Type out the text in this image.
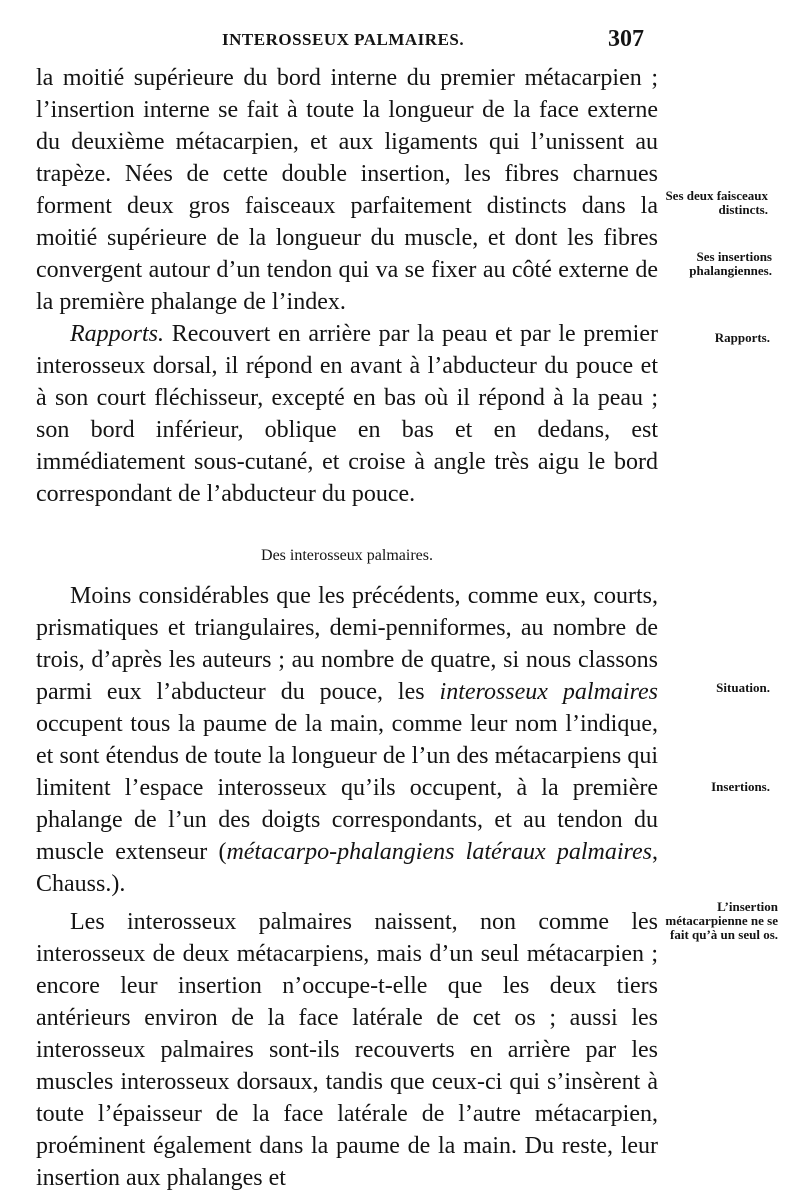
INTEROSSEUX PALMAIRES.	307

la moitié supérieure du bord interne du premier métacarpien ; l’insertion interne se fait à toute la longueur de la face externe du deuxième métacarpien, et aux ligaments qui l’unissent au trapèze. Nées de cette double insertion, les fibres charnues forment deux gros faisceaux parfaitement distincts dans la moitié supérieure de la longueur du muscle, et dont les fibres convergent autour d’un tendon qui va se fixer au côté externe de la première phalange de l’index.

Rapports. Recouvert en arrière par la peau et par le premier interosseux dorsal, il répond en avant à l’abducteur du pouce et à son court fléchisseur, excepté en bas où il répond à la peau ; son bord inférieur, oblique en bas et en dedans, est immédiatement sous-cutané, et croise à angle très aigu le bord correspondant de l’abducteur du pouce.

Des interosseux palmaires.

Moins considérables que les précédents, comme eux, courts, prismatiques et triangulaires, demi-penniformes, au nombre de trois, d’après les auteurs ; au nombre de quatre, si nous classons parmi eux l’abducteur du pouce, les interosseux palmaires occupent tous la paume de la main, comme leur nom l’indique, et sont étendus de toute la longueur de l’un des métacarpiens qui limitent l’espace interosseux qu’ils occupent, à la première phalange de l’un des doigts correspondants, et au tendon du muscle extenseur (métacarpo-phalangiens latéraux palmaires, Chauss.).

Les interosseux palmaires naissent, non comme les interosseux de deux métacarpiens, mais d’un seul métacarpien ; encore leur insertion n’occupe-t-elle que les deux tiers antérieurs environ de la face latérale de cet os ; aussi les interosseux palmaires sont-ils recouverts en arrière par les muscles interosseux dorsaux, tandis que ceux-ci qui s’insèrent à toute l’épaisseur de la face latérale de l’autre métacarpien, proéminent également dans la paume de la main. Du reste, leur insertion aux phalanges et

Ses deux faisceaux distincts.
Ses insertions phalangiennes.
Rapports.
Situation.
Insertions.
L’insertion métacarpienne ne se fait qu’à un seul os.
